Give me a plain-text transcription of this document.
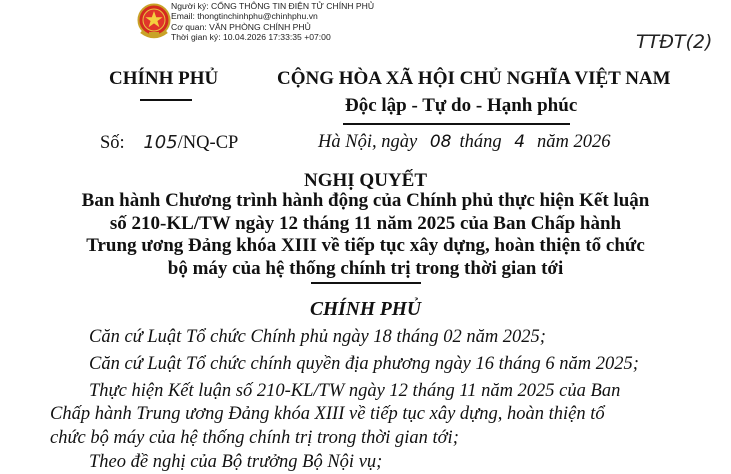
Người ký: CỔNG THÔNG TIN ĐIỆN TỬ CHÍNH PHỦ
Email: thongtinchinhphu@chinhphu.vn
Cơ quan: VĂN PHÒNG CHÍNH PHỦ
Thời gian ký: 10.04.2026 17:33:35 +07:00	TTĐT(2)
CHÍNH PHỦ	CỘNG HÒA XÃ HỘI CHỦ NGHĨA VIỆT NAM
Độc lập - Tự do - Hạnh phúc
Số: 105/NQ-CP	Hà Nội, ngày 08 tháng 4 năm 2026
NGHỊ QUYẾT
Ban hành Chương trình hành động của Chính phủ thực hiện Kết luận
số 210-KL/TW ngày 12 tháng 11 năm 2025 của Ban Chấp hành
Trung ương Đảng khóa XIII về tiếp tục xây dựng, hoàn thiện tổ chức
bộ máy của hệ thống chính trị trong thời gian tới
CHÍNH PHỦ
Căn cứ Luật Tổ chức Chính phủ ngày 18 tháng 02 năm 2025;
Căn cứ Luật Tổ chức chính quyền địa phương ngày 16 tháng 6 năm 2025;
Thực hiện Kết luận số 210-KL/TW ngày 12 tháng 11 năm 2025 của Ban
Chấp hành Trung ương Đảng khóa XIII về tiếp tục xây dựng, hoàn thiện tổ
chức bộ máy của hệ thống chính trị trong thời gian tới;
Theo đề nghị của Bộ trưởng Bộ Nội vụ;
